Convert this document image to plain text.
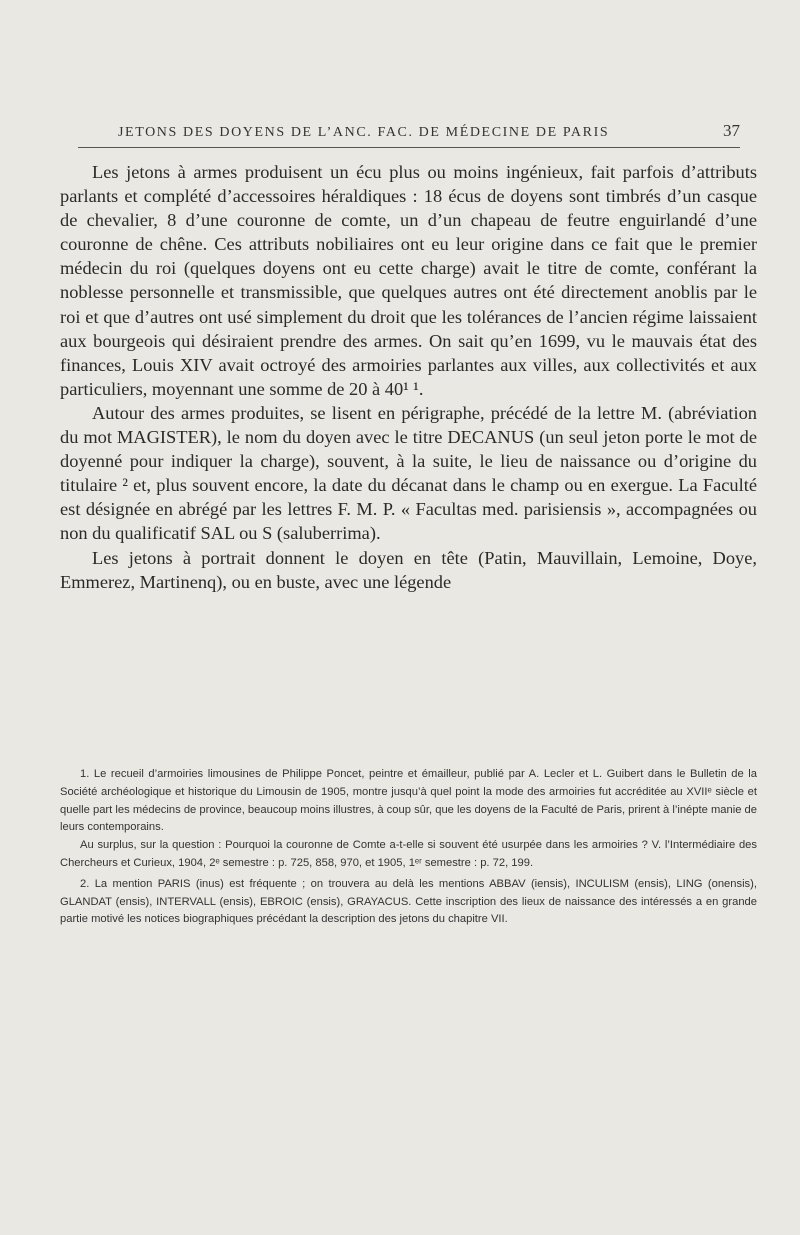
JETONS DES DOYENS DE L’ANC. FAC. DE MÉDECINE DE PARIS	37

Les jetons à armes produisent un écu plus ou moins ingénieux, fait parfois d’attributs parlants et complété d’accessoires héraldiques : 18 écus de doyens sont timbrés d’un casque de chevalier, 8 d’une couronne de comte, un d’un chapeau de feutre enguirlandé d’une couronne de chêne. Ces attributs nobiliaires ont eu leur origine dans ce fait que le premier médecin du roi (quelques doyens ont eu cette charge) avait le titre de comte, conférant la noblesse personnelle et transmissible, que quelques autres ont été directement anoblis par le roi et que d’autres ont usé simplement du droit que les tolérances de l’ancien régime laissaient aux bourgeois qui désiraient prendre des armes. On sait qu’en 1699, vu le mauvais état des finances, Louis XIV avait octroyé des armoiries parlantes aux villes, aux collectivités et aux particuliers, moyennant une somme de 20 à 40¹ ¹.

Autour des armes produites, se lisent en périgraphe, précédé de la lettre M. (abréviation du mot MAGISTER), le nom du doyen avec le titre DECANUS (un seul jeton porte le mot de doyenné pour indiquer la charge), souvent, à la suite, le lieu de naissance ou d’origine du titulaire ² et, plus souvent encore, la date du décanat dans le champ ou en exergue. La Faculté est désignée en abrégé par les lettres F. M. P. « Facultas med. parisiensis », accompagnées ou non du qualificatif SAL ou S (saluberrima).

Les jetons à portrait donnent le doyen en tête (Patin, Mauvillain, Lemoine, Doye, Emmerez, Martinenq), ou en buste, avec une légende

1. Le recueil d’armoiries limousines de Philippe Poncet, peintre et émailleur, publié par A. Lecler et L. Guibert dans le Bulletin de la Société archéologique et historique du Limousin de 1905, montre jusqu’à quel point la mode des armoiries fut accréditée au XVIIᵉ siècle et quelle part les médecins de province, beaucoup moins illustres, à coup sûr, que les doyens de la Faculté de Paris, prirent à l’inépte manie de leurs contemporains.

Au surplus, sur la question : Pourquoi la couronne de Comte a-t-elle si souvent été usurpée dans les armoiries ? V. l’Intermédiaire des Chercheurs et Curieux, 1904, 2ᵉ semestre : p. 725, 858, 970, et 1905, 1ᵉʳ semestre : p. 72, 199.

2. La mention PARIS (inus) est fréquente ; on trouvera au delà les mentions ABBAV (iensis), INCULISM (ensis), LING (onensis), GLANDAT (ensis), INTERVALL (ensis), EBROIC (ensis), GRAYACUS. Cette inscription des lieux de naissance des intéressés a en grande partie motivé les notices biographiques précédant la description des jetons du chapitre VII.
